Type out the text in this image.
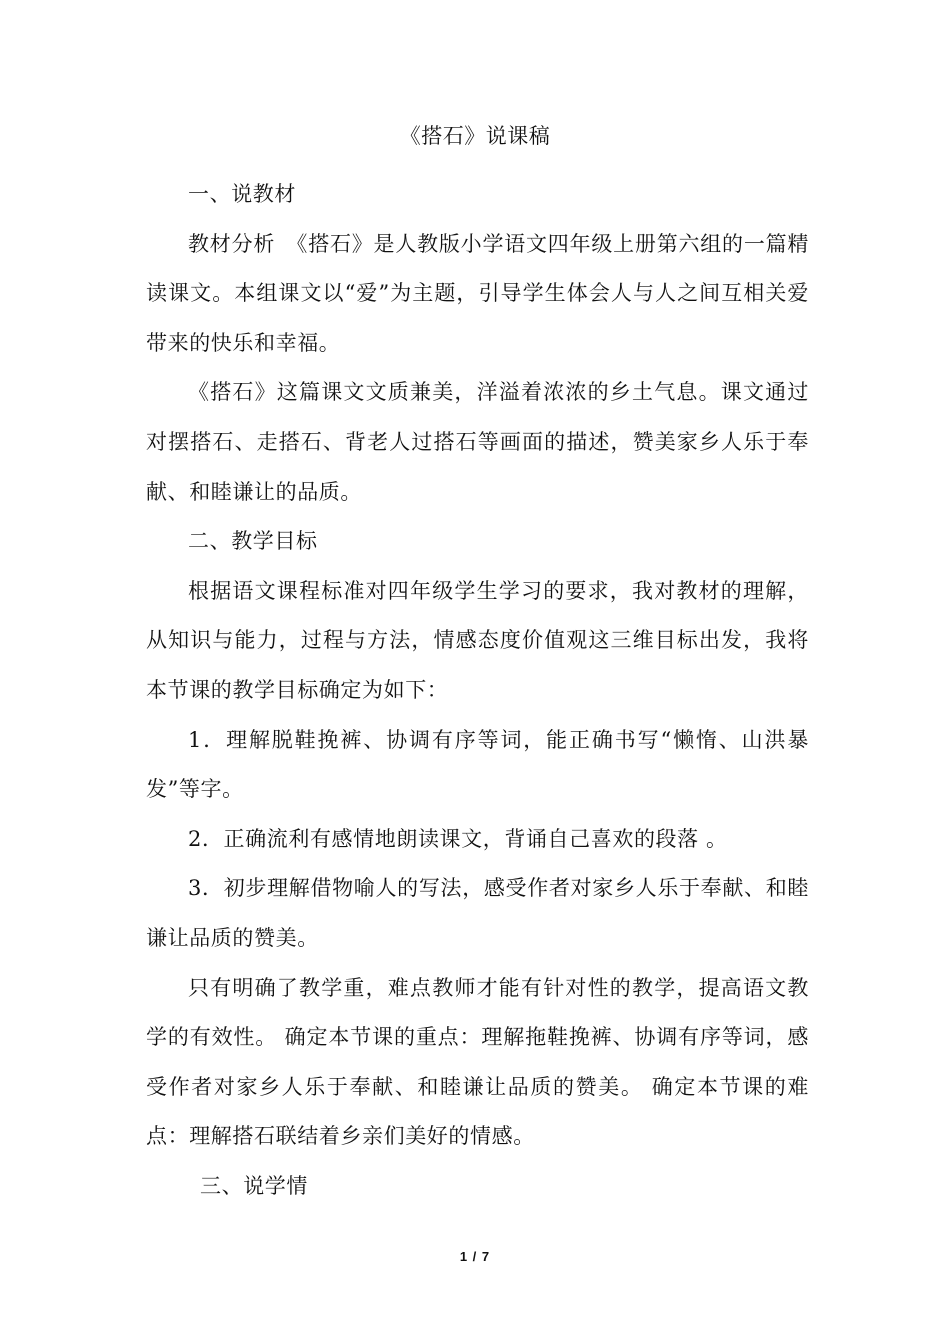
《搭石》说课稿

一、说教材

教材分析　《搭石》是人教版小学语文四年级上册第六组的一篇精读课文。本组课文以“爱”为主题，引导学生体会人与人之间互相关爱带来的快乐和幸福。

《搭石》这篇课文文质兼美，洋溢着浓浓的乡土气息。课文通过对摆搭石、走搭石、背老人过搭石等画面的描述，赞美家乡人乐于奉献、和睦谦让的品质。

二、教学目标

根据语文课程标准对四年级学生学习的要求，我对教材的理解，从知识与能力，过程与方法，情感态度价值观这三维目标出发，我将本节课的教学目标确定为如下：

1．理解脱鞋挽裤、协调有序等词，能正确书写“懒惰、山洪暴发”等字。

2．正确流利有感情地朗读课文，背诵自己喜欢的段落 。

3．初步理解借物喻人的写法，感受作者对家乡人乐于奉献、和睦谦让品质的赞美。

只有明确了教学重，难点教师才能有针对性的教学，提高语文教学的有效性。 确定本节课的重点：理解拖鞋挽裤、协调有序等词，感受作者对家乡人乐于奉献、和睦谦让品质的赞美。 确定本节课的难点：理解搭石联结着乡亲们美好的情感。

三、说学情

1 / 7
